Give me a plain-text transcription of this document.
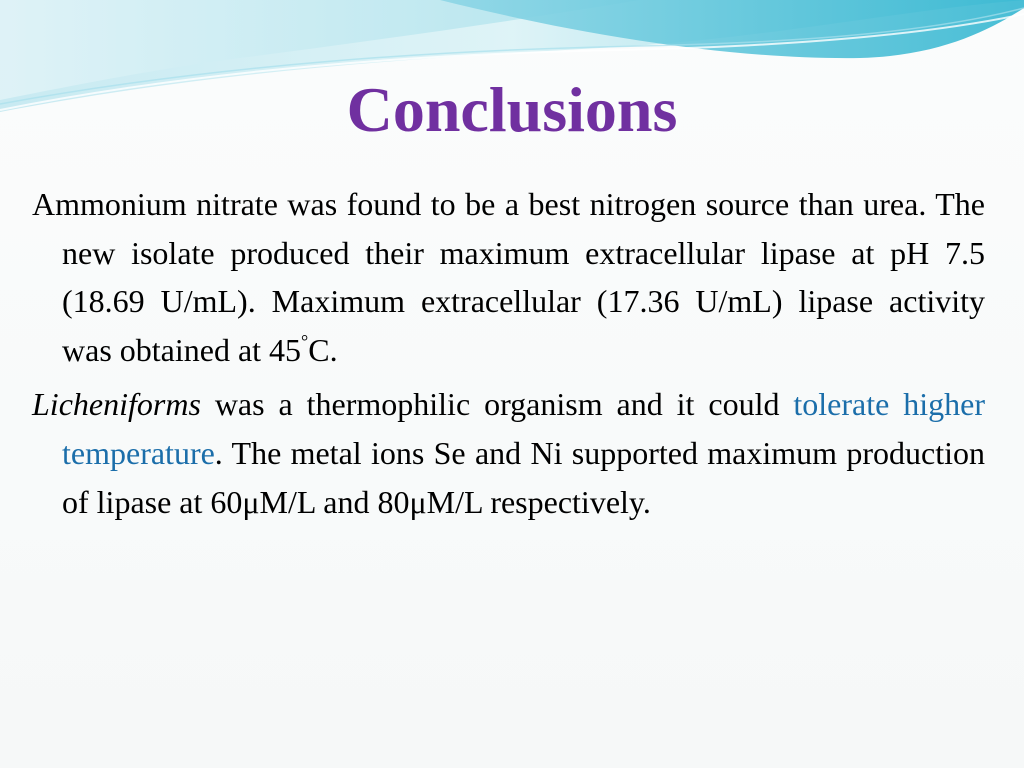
Conclusions

Ammonium nitrate was found to be a best nitrogen source than urea. The new isolate produced their maximum extracellular lipase at pH 7.5 (18.69 U/mL). Maximum extracellular (17.36 U/mL) lipase activity was obtained at 45°C.

Licheniforms was a thermophilic organism and it could tolerate higher temperature. The metal ions Se and Ni supported maximum production of lipase at 60μM/L and 80μM/L respectively.
